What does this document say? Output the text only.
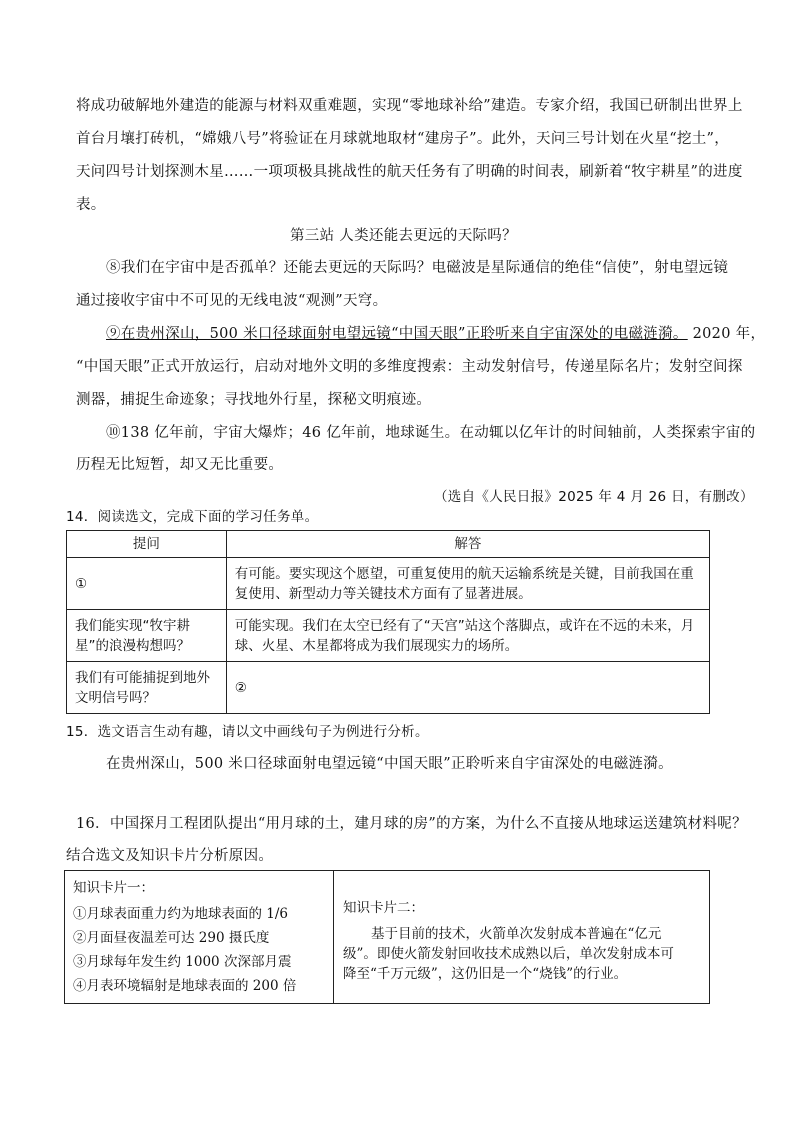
将成功破解地外建造的能源与材料双重难题，实现“零地球补给”建造。专家介绍，我国已研制出世界上
首台月壤打砖机，“嫦娥八号”将验证在月球就地取材“建房子”。此外，天问三号计划在火星“挖土”，
天问四号计划探测木星……一项项极具挑战性的航天任务有了明确的时间表，刷新着“牧宇耕星”的进度
表。
第三站 人类还能去更远的天际吗？
⑧我们在宇宙中是否孤单？还能去更远的天际吗？电磁波是星际通信的绝佳“信使”，射电望远镜
通过接收宇宙中不可见的无线电波“观测”天穹。
⑨在贵州深山，500 米口径球面射电望远镜“中国天眼”正聆听来自宇宙深处的电磁涟漪。 2020 年，
“中国天眼”正式开放运行，启动对地外文明的多维度搜索：主动发射信号，传递星际名片；发射空间探
测器，捕捉生命迹象；寻找地外行星，探秘文明痕迹。
⑩138 亿年前，宇宙大爆炸；46 亿年前，地球诞生。在动辄以亿年计的时间轴前，人类探索宇宙的
历程无比短暂，却又无比重要。
（选自《人民日报》2025 年 4 月 26 日，有删改）
14．阅读选文，完成下面的学习任务单。
提问	解答
①	有可能。要实现这个愿望，可重复使用的航天运输系统是关键，目前我国在重复使用、新型动力等关键技术方面有了显著进展。
我们能实现“牧宇耕星”的浪漫构想吗？	可能实现。我们在太空已经有了“天宫”站这个落脚点，或许在不远的未来，月球、火星、木星都将成为我们展现实力的场所。
我们有可能捕捉到地外文明信号吗？	②
15．选文语言生动有趣，请以文中画线句子为例进行分析。
在贵州深山，500 米口径球面射电望远镜“中国天眼”正聆听来自宇宙深处的电磁涟漪。
16．中国探月工程团队提出“用月球的土，建月球的房”的方案，为什么不直接从地球运送建筑材料呢？
结合选文及知识卡片分析原因。
知识卡片一：
①月球表面重力约为地球表面的 1/6
②月面昼夜温差可达 290 摄氏度
③月球每年发生约 1000 次深部月震
④月表环境辐射是地球表面的 200 倍
知识卡片二：
基于目前的技术，火箭单次发射成本普遍在“亿元
级”。即使火箭发射回收技术成熟以后，单次发射成本可
降至“千万元级”，这仍旧是一个“烧钱”的行业。
